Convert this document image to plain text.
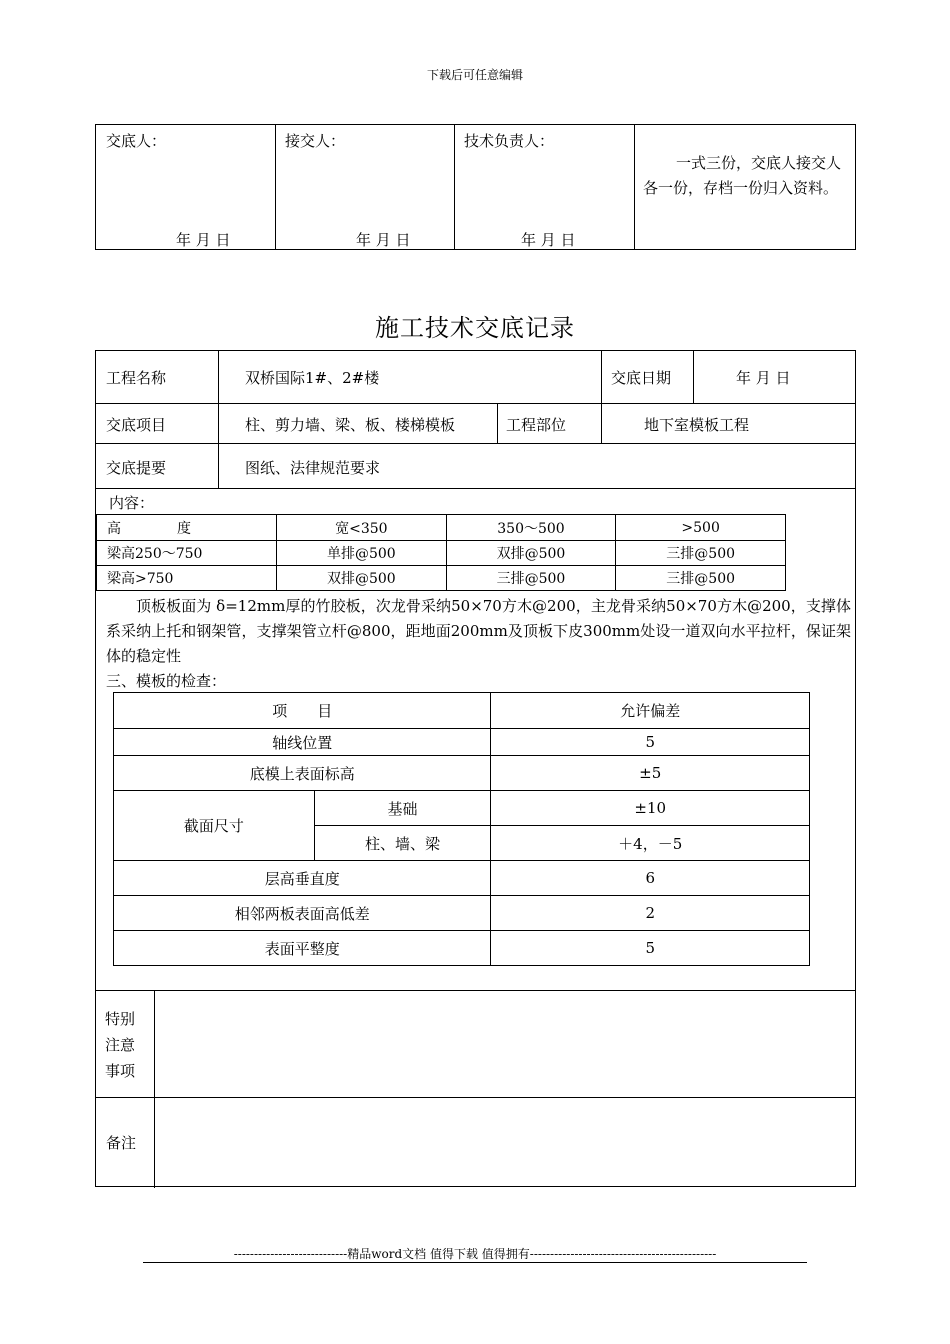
下载后可任意编辑
交底人：	接交人：	技术负责人：
年 月 日	年 月 日	年 月 日
一式三份，交底人接交人各一份，存档一份归入资料。
施工技术交底记录
工程名称	双桥国际1#、2#楼	交底日期	年 月 日
交底项目	柱、剪力墙、梁、板、楼梯模板	工程部位	地下室模板工程
交底提要	图纸、法律规范要求
内容：
高　　　　度	宽<350	350～500	>500
梁高250～750	单排@500	双排@500	三排@500
梁高>750	双排@500	三排@500	三排@500
顶板板面为 δ=12mm厚的竹胶板，次龙骨采纳50×70方木@200，主龙骨采纳50×70方木@200，支撑体系采纳上托和钢架管，支撑架管立杆@800，距地面200mm及顶板下皮300mm处设一道双向水平拉杆，保证架体的稳定性
三、模板的检查：
项　　目		允许偏差
轴线位置		5
底模上表面标高		±5
截面尺寸	基础	±10
	柱、墙、梁	＋4，－5
层高垂直度		6
相邻两板表面高低差		2
表面平整度		5
特别注意事项
备注
----------------------------精品word文档 值得下载 值得拥有----------------------------------------------
